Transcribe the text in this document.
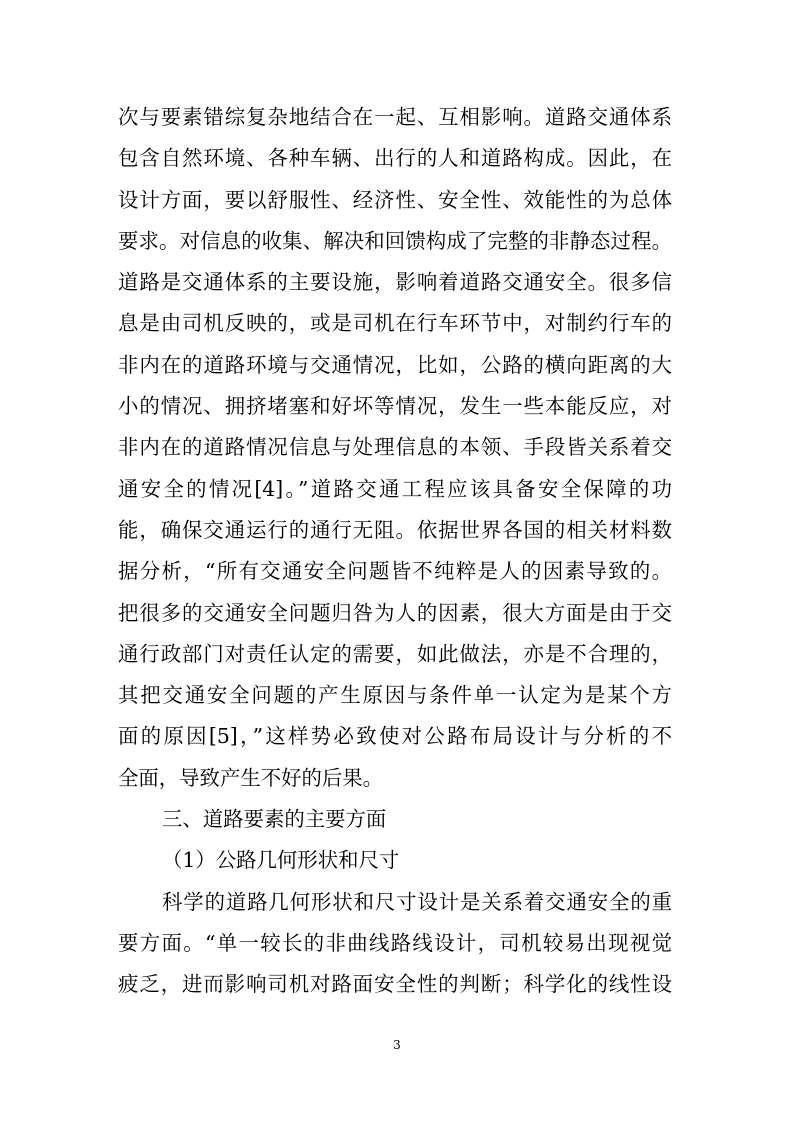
次与要素错综复杂地结合在一起、互相影响。道路交通体系
包含自然环境、各种车辆、出行的人和道路构成。因此，在
设计方面，要以舒服性、经济性、安全性、效能性的为总体
要求。对信息的收集、解决和回馈构成了完整的非静态过程。
道路是交通体系的主要设施，影响着道路交通安全。很多信
息是由司机反映的，或是司机在行车环节中，对制约行车的
非内在的道路环境与交通情况，比如，公路的横向距离的大
小的情况、拥挤堵塞和好坏等情况，发生一些本能反应，对
非内在的道路情况信息与处理信息的本领、手段皆关系着交
通安全的情况[4]。”道路交通工程应该具备安全保障的功
能，确保交通运行的通行无阻。依据世界各国的相关材料数
据分析，“所有交通安全问题皆不纯粹是人的因素导致的。
把很多的交通安全问题归咎为人的因素，很大方面是由于交
通行政部门对责任认定的需要，如此做法，亦是不合理的，
其把交通安全问题的产生原因与条件单一认定为是某个方
面的原因[5]，”这样势必致使对公路布局设计与分析的不
全面，导致产生不好的后果。
三、道路要素的主要方面
（1）公路几何形状和尺寸
科学的道路几何形状和尺寸设计是关系着交通安全的重
要方面。“单一较长的非曲线路线设计，司机较易出现视觉
疲乏，进而影响司机对路面安全性的判断；科学化的线性设
3
